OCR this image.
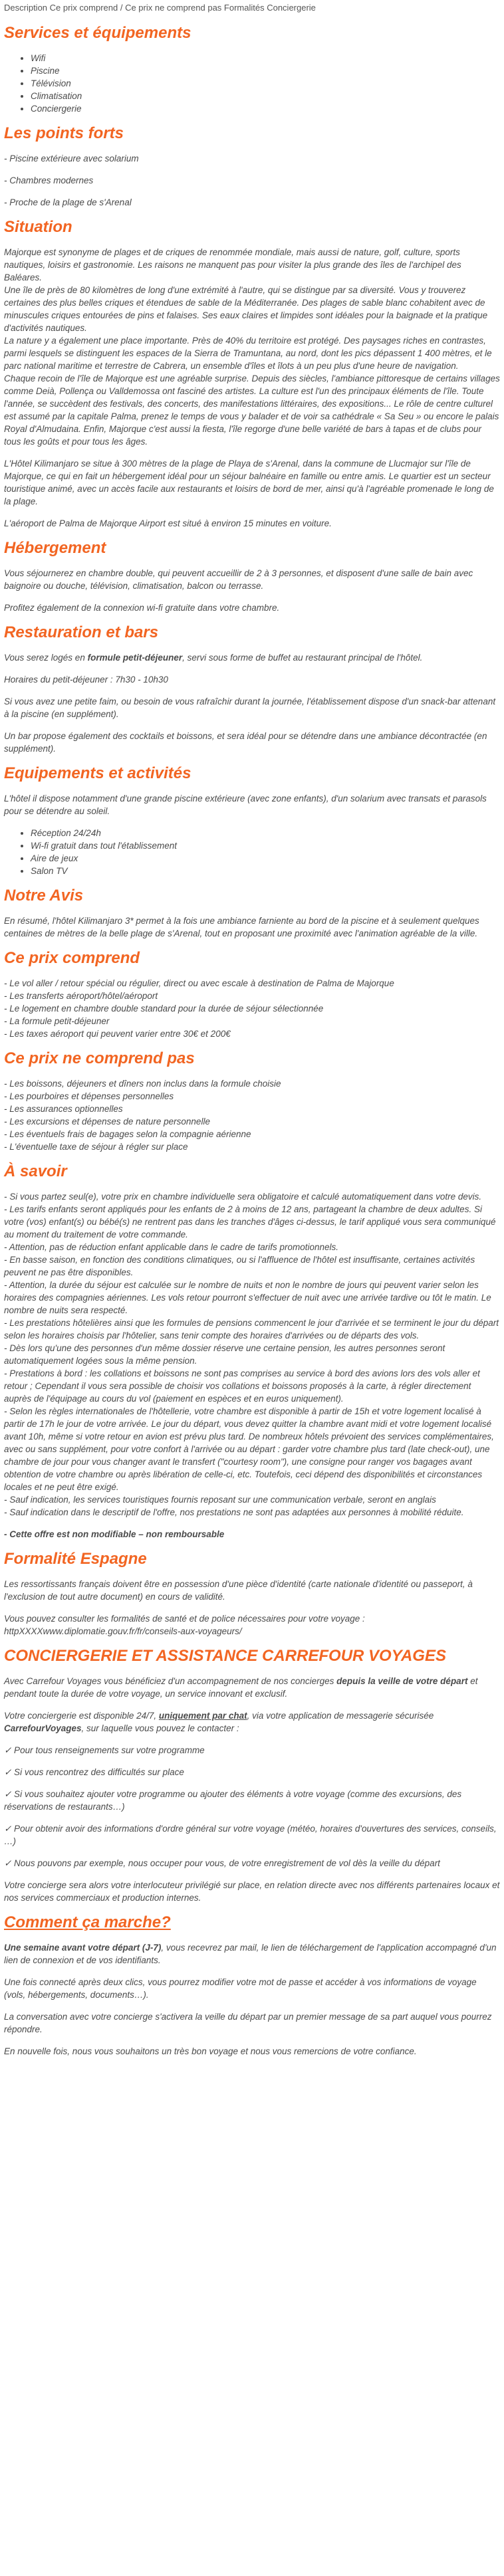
Description Ce prix comprend / Ce prix ne comprend pas Formalités Conciergerie
Services et équipements
• Wifi
• Piscine
• Télévision
• Climatisation
• Conciergerie
Les points forts

- Piscine extérieure avec solarium

- Chambres modernes

- Proche de la plage de s'Arenal

Situation

Majorque est synonyme de plages et de criques de renommée mondiale, mais aussi de nature, golf, culture, sports nautiques, loisirs et gastronomie. Les raisons ne manquent pas pour visiter la plus grande des îles de l'archipel des Baléares.

Une île de près de 80 kilomètres de long d'une extrémité à l'autre, qui se distingue par sa diversité. Vous y trouverez certaines des plus belles criques et étendues de sable de la Méditerranée. Des plages de sable blanc cohabitent avec de minuscules criques entourées de pins et falaises. Ses eaux claires et limpides sont idéales pour la baignade et la pratique d'activités nautiques.

La nature y a également une place importante. Près de 40% du territoire est protégé. Des paysages riches en contrastes, parmi lesquels se distinguent les espaces de la Sierra de Tramuntana, au nord, dont les pics dépassent 1 400 mètres, et le parc national maritime et terrestre de Cabrera, un ensemble d'îles et îlots à un peu plus d'une heure de navigation.

Chaque recoin de l'île de Majorque est une agréable surprise. Depuis des siècles, l'ambiance pittoresque de certains villages comme Deià, Pollença ou Valldemossa ont fasciné des artistes. La culture est l'un des principaux éléments de l'île. Toute l'année, se succèdent des festivals, des concerts, des manifestations littéraires, des expositions... Le rôle de centre culturel est assumé par la capitale Palma, prenez le temps de vous y balader et de voir sa cathédrale « Sa Seu » ou encore le palais Royal d'Almudaina. Enfin, Majorque c'est aussi la fiesta, l'île regorge d'une belle variété de bars à tapas et de clubs pour tous les goûts et pour tous les âges.

L'Hôtel Kilimanjaro se situe à 300 mètres de la plage de Playa de s'Arenal, dans la commune de Llucmajor sur l'île de Majorque, ce qui en fait un hébergement idéal pour un séjour balnéaire en famille ou entre amis. Le quartier est un secteur touristique animé, avec un accès facile aux restaurants et loisirs de bord de mer, ainsi qu'à l'agréable promenade le long de la plage.

L'aéroport de Palma de Majorque Airport est situé à environ 15 minutes en voiture.

Hébergement

Vous séjournerez en chambre double, qui peuvent accueillir de 2 à 3 personnes, et disposent d'une salle de bain avec baignoire ou douche, télévision, climatisation, balcon ou terrasse.

Profitez également de la connexion wi-fi gratuite dans votre chambre.

Restauration et bars

Vous serez logés en formule petit-déjeuner, servi sous forme de buffet au restaurant principal de l'hôtel.

Horaires du petit-déjeuner : 7h30 - 10h30

Si vous avez une petite faim, ou besoin de vous rafraîchir durant la journée, l'établissement dispose d'un snack-bar attenant à la piscine (en supplément).

Un bar propose également des cocktails et boissons, et sera idéal pour se détendre dans une ambiance décontractée (en supplément).

Equipements et activités

L'hôtel il dispose notamment d'une grande piscine extérieure (avec zone enfants), d'un solarium avec transats et parasols pour se détendre au soleil.

• Réception 24/24h
• Wi-fi gratuit dans tout l'établissement
• Aire de jeux
• Salon TV
Notre Avis

En résumé, l'hôtel Kilimanjaro 3* permet à la fois une ambiance farniente au bord de la piscine et à seulement quelques centaines de mètres de la belle plage de s'Arenal, tout en proposant une proximité avec l'animation agréable de la ville.

Ce prix comprend

- Le vol aller / retour spécial ou régulier, direct ou avec escale à destination de Palma de Majorque

- Les transferts aéroport/hôtel/aéroport

- Le logement en chambre double standard pour la durée de séjour sélectionnée

- La formule petit-déjeuner

- Les taxes aéroport qui peuvent varier entre 30€ et 200€

Ce prix ne comprend pas

- Les boissons, déjeuners et dîners non inclus dans la formule choisie

- Les pourboires et dépenses personnelles

- Les assurances optionnelles

- Les excursions et dépenses de nature personnelle

- Les éventuels frais de bagages selon la compagnie aérienne

- L'éventuelle taxe de séjour à régler sur place

À savoir

- Si vous partez seul(e), votre prix en chambre individuelle sera obligatoire et calculé automatiquement dans votre devis.

- Les tarifs enfants seront appliqués pour les enfants de 2 à moins de 12 ans, partageant la chambre de deux adultes. Si votre (vos) enfant(s) ou bébé(s) ne rentrent pas dans les tranches d'âges ci-dessus, le tarif appliqué vous sera communiqué au moment du traitement de votre commande.

- Attention, pas de réduction enfant applicable dans le cadre de tarifs promotionnels.

- En basse saison, en fonction des conditions climatiques, ou si l'affluence de l'hôtel est insuffisante, certaines activités peuvent ne pas être disponibles.

- Attention, la durée du séjour est calculée sur le nombre de nuits et non le nombre de jours qui peuvent varier selon les horaires des compagnies aériennes. Les vols retour pourront s'effectuer de nuit avec une arrivée tardive ou tôt le matin. Le nombre de nuits sera respecté.

- Les prestations hôtelières ainsi que les formules de pensions commencent le jour d'arrivée et se terminent le jour du départ selon les horaires choisis par l'hôtelier, sans tenir compte des horaires d'arrivées ou de départs des vols.

- Dès lors qu'une des personnes d'un même dossier réserve une certaine pension, les autres personnes seront automatiquement logées sous la même pension.

- Prestations à bord : les collations et boissons ne sont pas comprises au service à bord des avions lors des vols aller et retour ; Cependant il vous sera possible de choisir vos collations et boissons proposés à la carte, à régler directement auprès de l'équipage au cours du vol (paiement en espèces et en euros uniquement).

- Selon les règles internationales de l'hôtellerie, votre chambre est disponible à partir de 15h et votre logement localisé à partir de 17h le jour de votre arrivée. Le jour du départ, vous devez quitter la chambre avant midi et votre logement localisé avant 10h, même si votre retour en avion est prévu plus tard. De nombreux hôtels prévoient des services complémentaires, avec ou sans supplément, pour votre confort à l'arrivée ou au départ : garder votre chambre plus tard (late check-out), une chambre de jour pour vous changer avant le transfert ("courtesy room"), une consigne pour ranger vos bagages avant obtention de votre chambre ou après libération de celle-ci, etc. Toutefois, ceci dépend des disponibilités et circonstances locales et ne peut être exigé.

- Sauf indication, les services touristiques fournis reposant sur une communication verbale, seront en anglais

- Sauf indication dans le descriptif de l'offre, nos prestations ne sont pas adaptées aux personnes à mobilité réduite.

- Cette offre est non modifiable – non remboursable

Formalité Espagne

Les ressortissants français doivent être en possession d'une pièce d'identité (carte nationale d'identité ou passeport, à l'exclusion de tout autre document) en cours de validité.

Vous pouvez consulter les formalités de santé et de police nécessaires pour votre voyage :

httpXXXXwww.diplomatie.gouv.fr/fr/conseils-aux-voyageurs/

CONCIERGERIE ET ASSISTANCE CARREFOUR VOYAGES

Avec Carrefour Voyages vous bénéficiez d'un accompagnement de nos concierges depuis la veille de votre départ et pendant toute la durée de votre voyage, un service innovant et exclusif.

Votre conciergerie est disponible 24/7, uniquement par chat, via votre application de messagerie sécurisée CarrefourVoyages, sur laquelle vous pouvez le contacter :

✓ Pour tous renseignements sur votre programme

✓ Si vous rencontrez des difficultés sur place

✓ Si vous souhaitez ajouter votre programme ou ajouter des éléments à votre voyage (comme des excursions, des réservations de restaurants…)

✓ Pour obtenir avoir des informations d'ordre général sur votre voyage (météo, horaires d'ouvertures des services, conseils, …)

✓ Nous pouvons par exemple, nous occuper pour vous, de votre enregistrement de vol dès la veille du départ

Votre concierge sera alors votre interlocuteur privilégié sur place, en relation directe avec nos différents partenaires locaux et nos services commerciaux et production internes.

Comment ça marche?

Une semaine avant votre départ (J-7), vous recevrez par mail, le lien de téléchargement de l'application accompagné d'un lien de connexion et de vos identifiants.

Une fois connecté après deux clics, vous pourrez modifier votre mot de passe et accéder à vos informations de voyage (vols, hébergements, documents…).

La conversation avec votre concierge s'activera la veille du départ par un premier message de sa part auquel vous pourrez répondre.

En nouvelle fois, nous vous souhaitons un très bon voyage et nous vous remercions de votre confiance.
